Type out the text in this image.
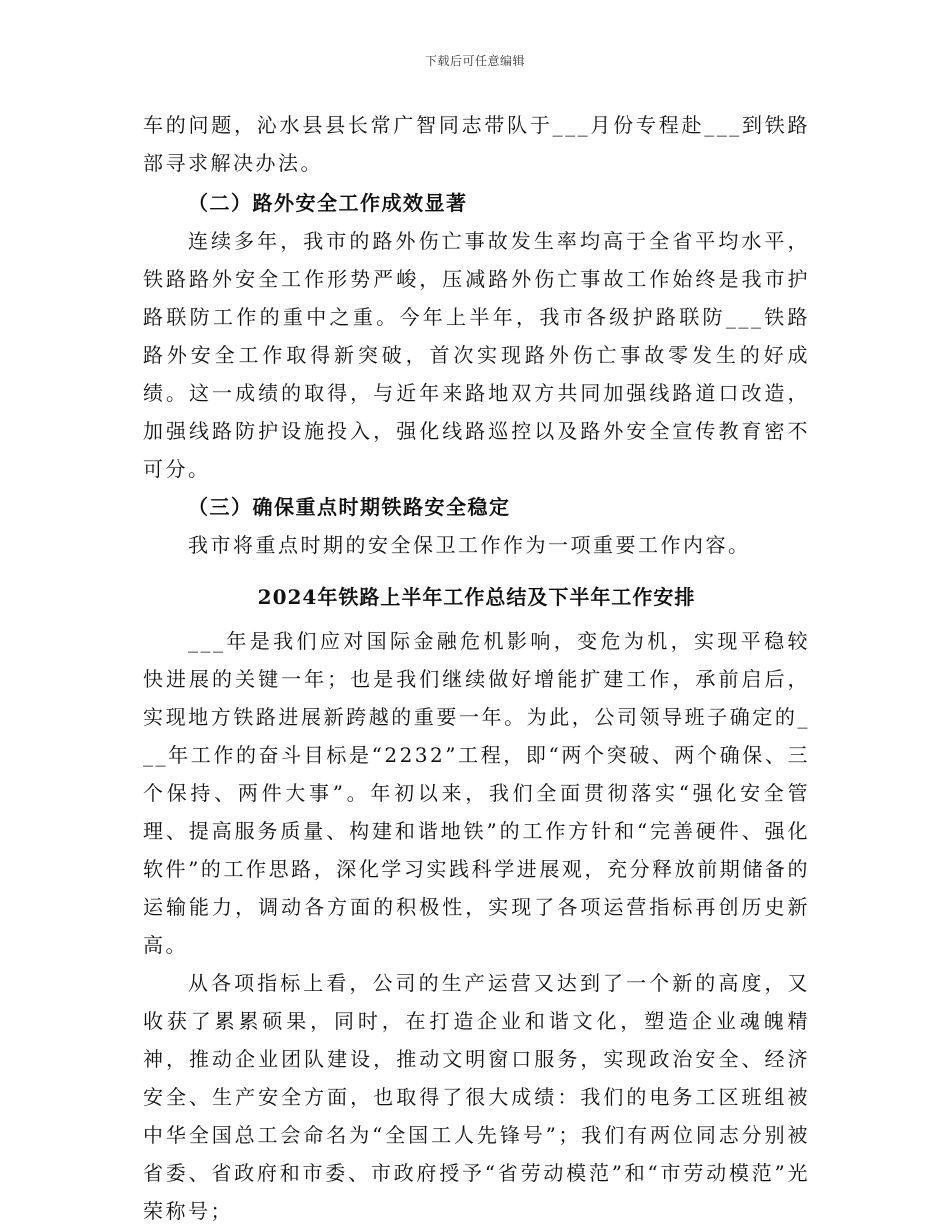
下载后可任意编辑

车的问题，沁水县县长常广智同志带队于___月份专程赴___到铁路部寻求解决办法。

（二）路外安全工作成效显著

连续多年，我市的路外伤亡事故发生率均高于全省平均水平，铁路路外安全工作形势严峻，压减路外伤亡事故工作始终是我市护路联防工作的重中之重。今年上半年，我市各级护路联防___铁路路外安全工作取得新突破，首次实现路外伤亡事故零发生的好成绩。这一成绩的取得，与近年来路地双方共同加强线路道口改造，加强线路防护设施投入，强化线路巡控以及路外安全宣传教育密不可分。

（三）确保重点时期铁路安全稳定

我市将重点时期的安全保卫工作作为一项重要工作内容。

2024年铁路上半年工作总结及下半年工作安排

___年是我们应对国际金融危机影响，变危为机，实现平稳较快进展的关键一年；也是我们继续做好增能扩建工作，承前启后，实现地方铁路进展新跨越的重要一年。为此，公司领导班子确定的___年工作的奋斗目标是“2232”工程，即“两个突破、两个确保、三个保持、两件大事”。年初以来，我们全面贯彻落实“强化安全管理、提高服务质量、构建和谐地铁”的工作方针和“完善硬件、强化软件”的工作思路，深化学习实践科学进展观，充分释放前期储备的运输能力，调动各方面的积极性，实现了各项运营指标再创历史新高。

从各项指标上看，公司的生产运营又达到了一个新的高度，又收获了累累硕果，同时，在打造企业和谐文化，塑造企业魂魄精神，推动企业团队建设，推动文明窗口服务，实现政治安全、经济安全、生产安全方面，也取得了很大成绩：我们的电务工区班组被中华全国总工会命名为“全国工人先锋号”；我们有两位同志分别被省委、省政府和市委、市政府授予“省劳动模范”和“市劳动模范”光荣称号；
